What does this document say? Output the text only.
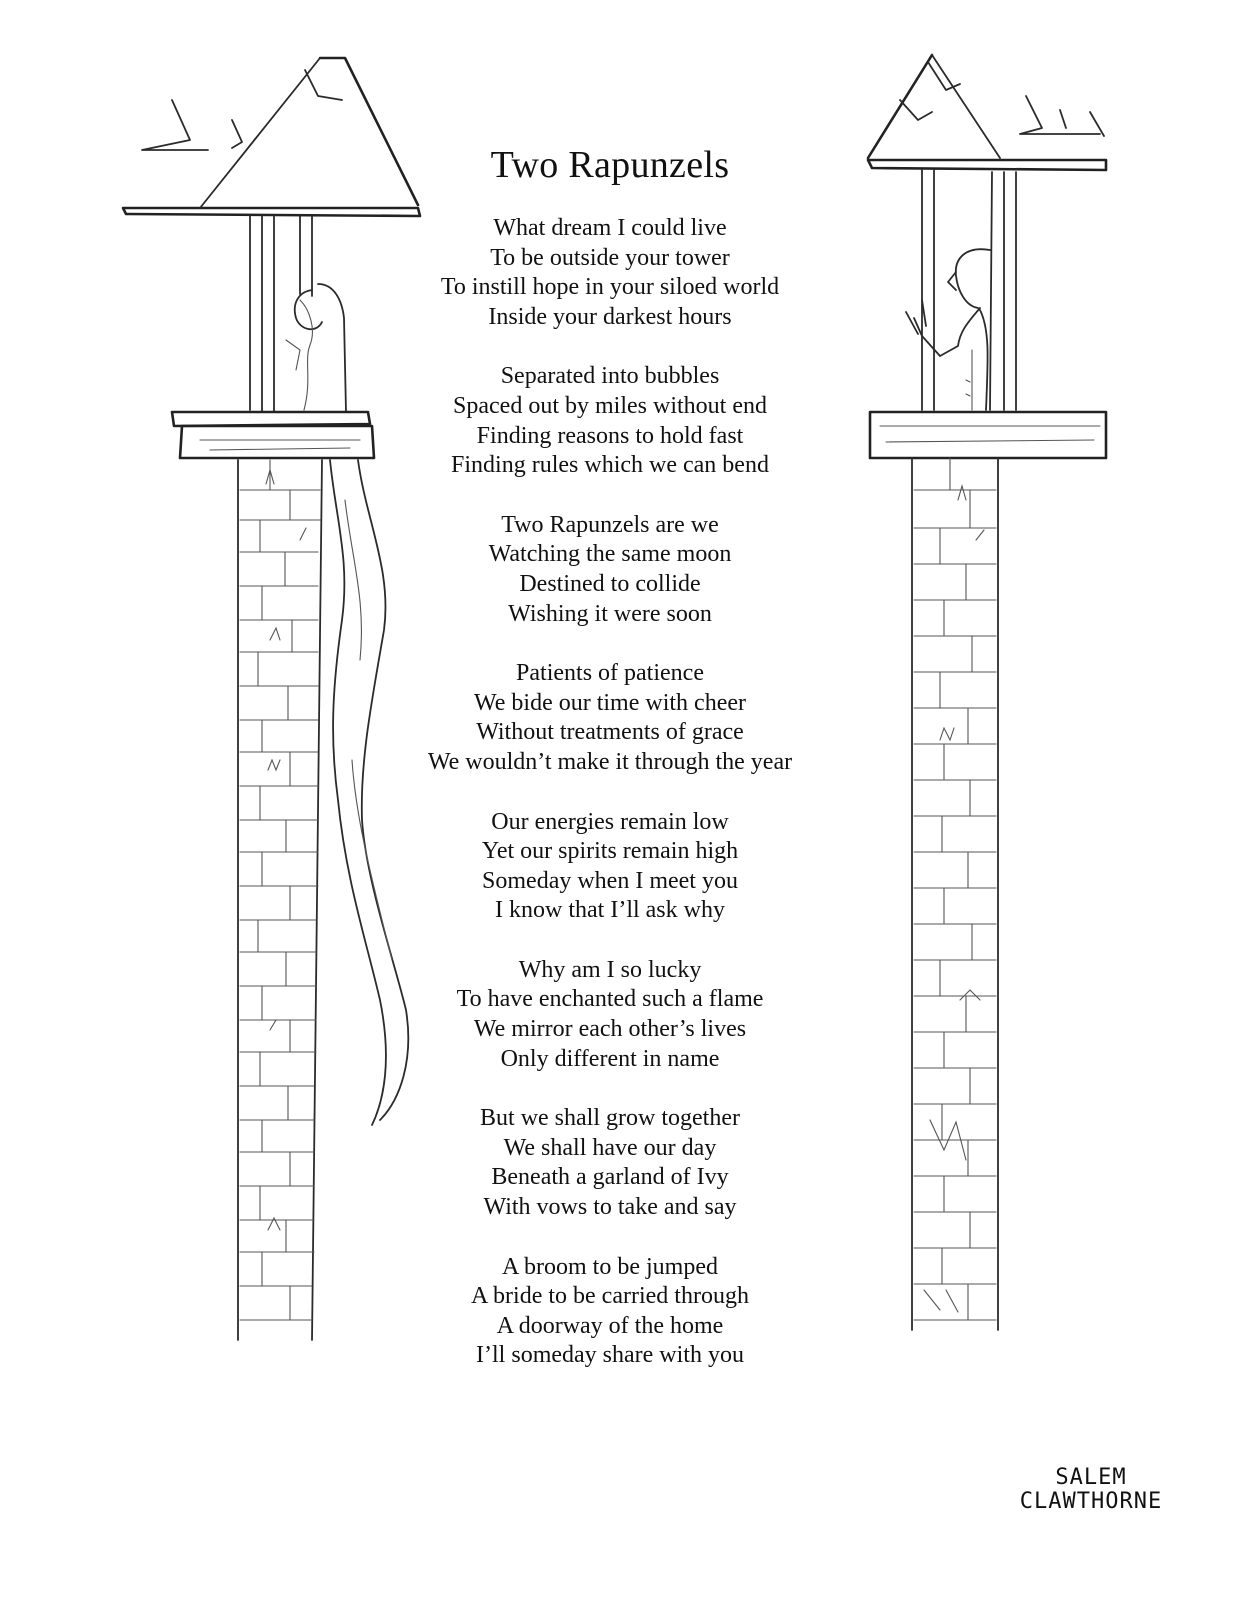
Two Rapunzels
What dream I could live
To be outside your tower
To instill hope in your siloed world
Inside your darkest hours
Separated into bubbles
Spaced out by miles without end
Finding reasons to hold fast
Finding rules which we can bend
Two Rapunzels are we
Watching the same moon
Destined to collide
Wishing it were soon
Patients of patience
We bide our time with cheer
Without treatments of grace
We wouldn’t make it through the year
Our energies remain low
Yet our spirits remain high
Someday when I meet you
I know that I’ll ask why
Why am I so lucky
To have enchanted such a flame
We mirror each other’s lives
Only different in name
But we shall grow together
We shall have our day
Beneath a garland of Ivy
With vows to take and say
A broom to be jumped
A bride to be carried through
A doorway of the home
I’ll someday share with you
SALEM
CLAWTHORNE
